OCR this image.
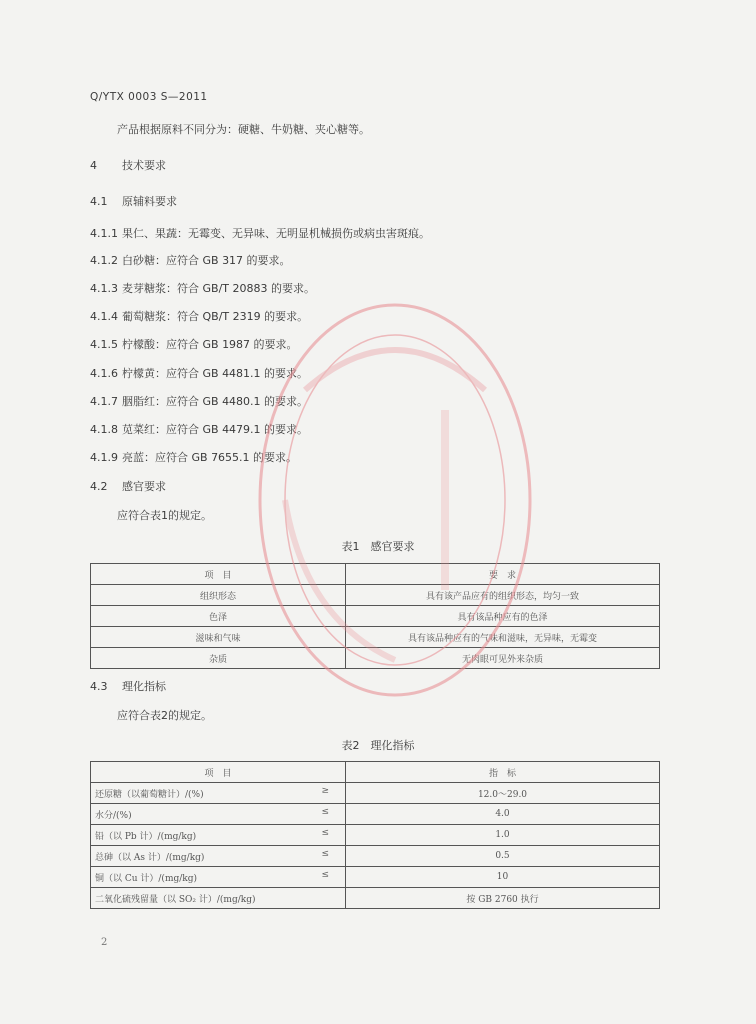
Q/YTX 0003 S—2011
产品根据原料不同分为：硬糖、牛奶糖、夹心糖等。
4 技术要求
4.1 原辅料要求
4.1.1 果仁、果蔬：无霉变、无异味、无明显机械损伤或病虫害斑痕。
4.1.2 白砂糖：应符合 GB 317 的要求。
4.1.3 麦芽糖浆：符合 GB/T 20883 的要求。
4.1.4 葡萄糖浆：符合 QB/T 2319 的要求。
4.1.5 柠檬酸：应符合 GB 1987 的要求。
4.1.6 柠檬黄：应符合 GB 4481.1 的要求。
4.1.7 胭脂红：应符合 GB 4480.1 的要求。
4.1.8 苋菜红：应符合 GB 4479.1 的要求。
4.1.9 亮蓝：应符合 GB 7655.1 的要求。
4.2 感官要求
应符合表1的规定。
表1　感官要求
项　目	要　求
组织形态	具有该产品应有的组织形态，均匀一致
色泽	具有该品种应有的色泽
滋味和气味	具有该品种应有的气味和滋味，无异味，无霉变
杂质	无肉眼可见外来杂质
4.3 理化指标
应符合表2的规定。
表2　理化指标
项　目	指　标
还原糖（以葡萄糖计）/(%) ≥	12.0～29.0
水分/(%) ≤	4.0
铅（以 Pb 计）/(mg/kg) ≤	1.0
总砷（以 As 计）/(mg/kg) ≤	0.5
铜（以 Cu 计）/(mg/kg) ≤	10
二氧化硫残留量（以 SO₂ 计）/(mg/kg)	按 GB 2760 执行
2
